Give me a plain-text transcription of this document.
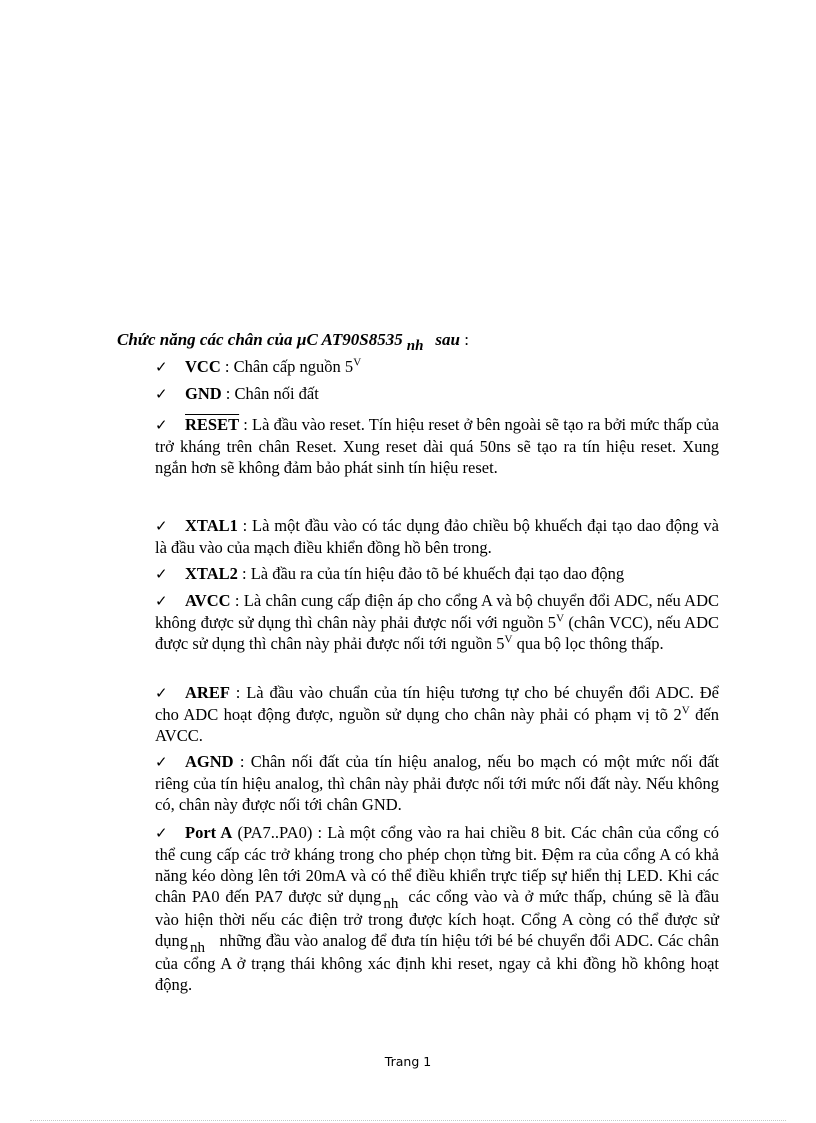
Chức năng các chân của µC AT90S8535 nh sau :
✓ VCC : Chân cấp nguồn $5^V$
✓ GND : Chân nối đất
✓ RESET : Là đầu vào reset. Tín hiệu reset ở bên ngoài sẽ tạo ra bởi mức thấp của trở kháng trên chân Reset. Xung reset dài quá 50ns sẽ tạo ra tín hiệu reset. Xung ngắn hơn sẽ không đảm bảo phát sinh tín hiệu reset.
✓ XTAL1 : Là một đầu vào có tác dụng đảo chiều bộ khuếch đại tạo dao động và là đầu vào của mạch điều khiển đồng hồ bên trong.
✓ XTAL2 : Là đầu ra của tín hiệu đảo tõ bé khuếch đại tạo dao động
✓ AVCC : Là chân cung cấp điện áp cho cổng A và bộ chuyển đổi ADC, nếu ADC không được sử dụng thì chân này phải được nối với nguồn $5^V$ (chân VCC), nếu ADC được sử dụng thì chân này phải được nối tới nguồn $5^V$ qua bộ lọc thông thấp.
✓ AREF : Là đầu vào chuẩn của tín hiệu tương tự cho bé chuyển đổi ADC. Để cho ADC hoạt động được, nguồn sử dụng cho chân này phải có phạm vị tõ $2^V$ đến AVCC.
✓ AGND : Chân nối đất của tín hiệu analog, nếu bo mạch có một mức nối đất riêng của tín hiệu analog, thì chân này phải được nối tới mức nối đất này. Nếu không có, chân này được nối tới chân GND.
✓ Port A (PA7..PA0) : Là một cổng vào ra hai chiều 8 bit. Các chân của cổng có thể cung cấp các trở kháng trong cho phép chọn từng bit. Đệm ra của cổng A có khả năng kéo dòng lên tới 20mA và có thể điều khiển trực tiếp sự hiển thị LED. Khi các chân PA0 đến PA7 được sử dụng nh các cổng vào và ở mức thấp, chúng sẽ là đầu vào hiện thời nếu các điện trở trong được kích hoạt. Cổng A còng có thể được sử dụng nh những đầu vào analog để đưa tín hiệu tới bé bé chuyển đổi ADC. Các chân của cổng A ở trạng thái không xác định khi reset, ngay cả khi đồng hồ không hoạt động.
Trang 1
